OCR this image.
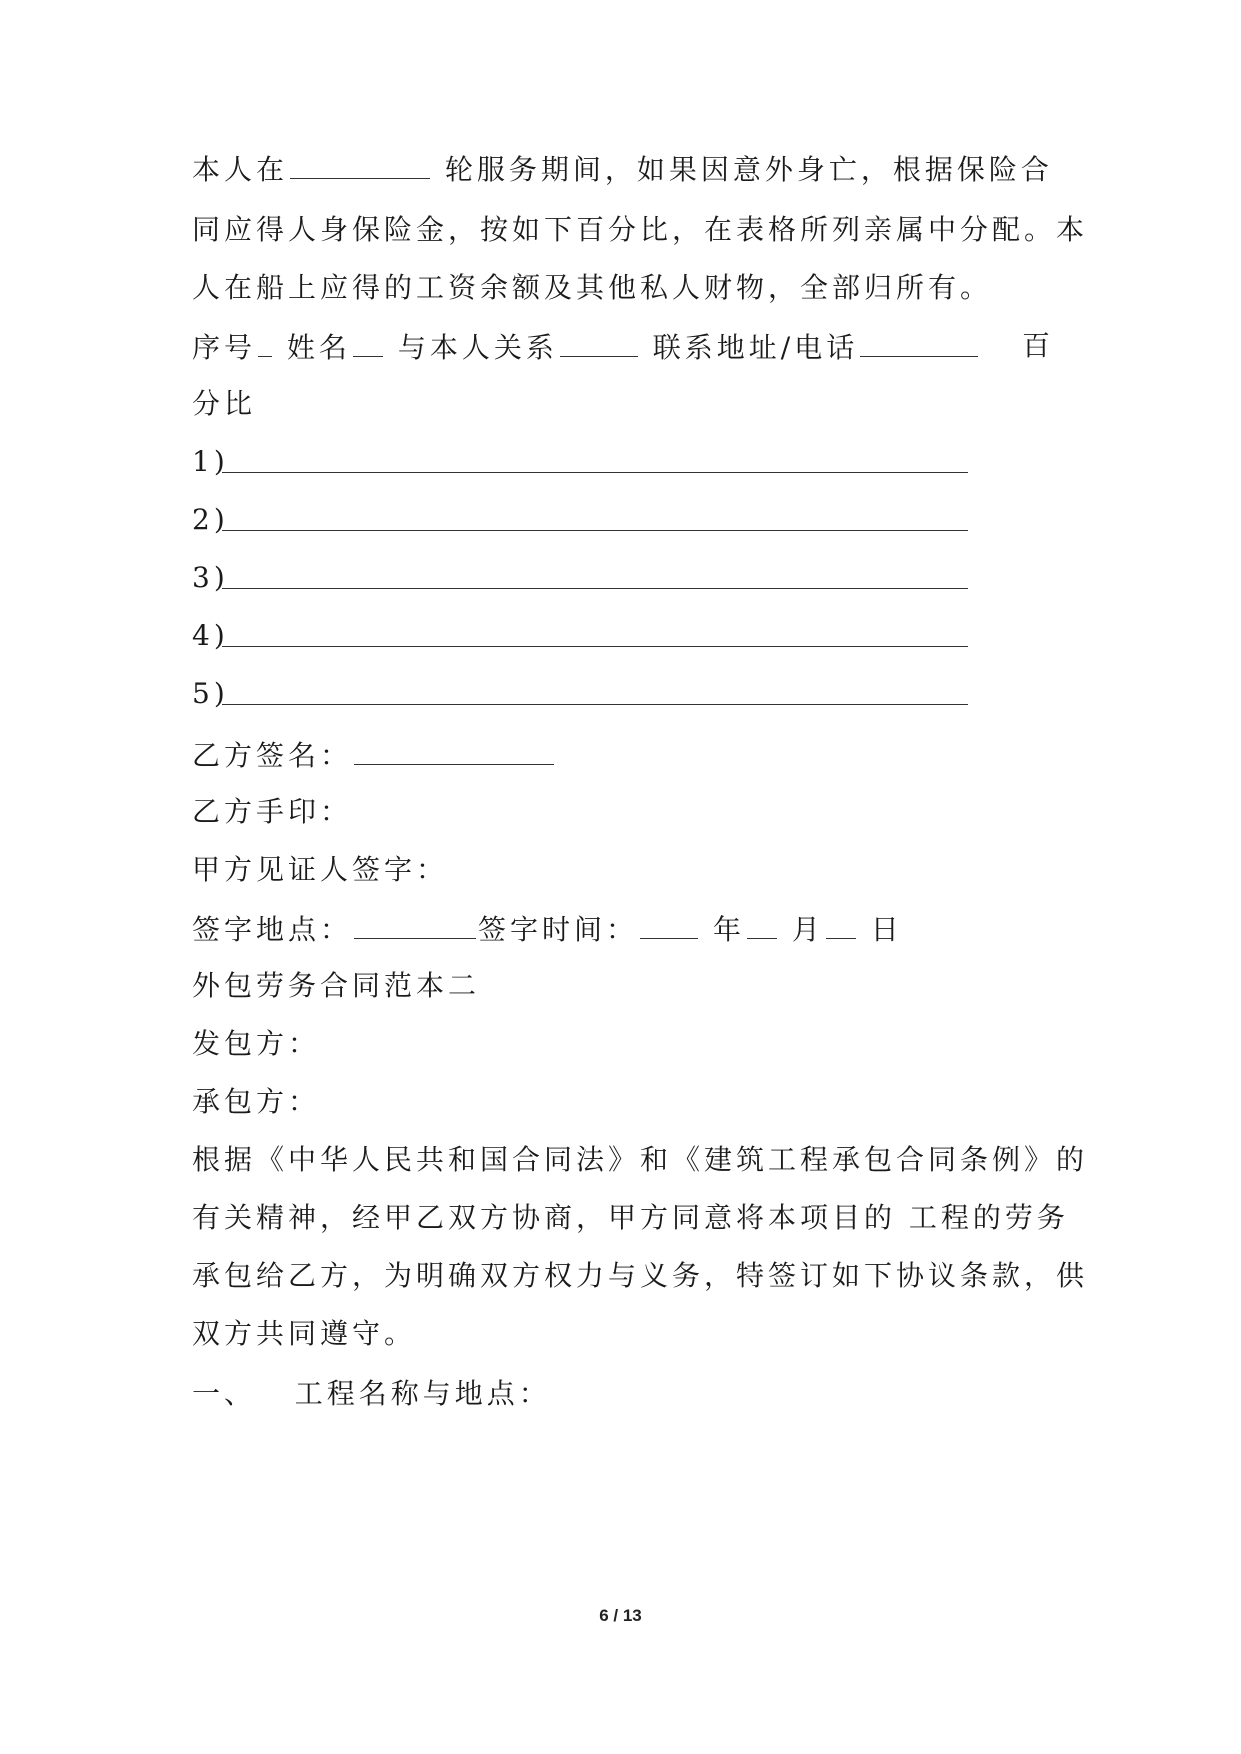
本人在	轮服务期间，如果因意外身亡，根据保险合
同应得人身保险金，按如下百分比，在表格所列亲属中分配。本
人在船上应得的工资余额及其他私人财物，全部归所有。
序号 姓名 与本人关系	联系地址/电话	百
分比
1)
2)
3)
4)
5)
乙方签名：
乙方手印：
甲方见证人签字：
签字地点：	签字时间：	年 月 日
外包劳务合同范本二
发包方：
承包方：
根据《中华人民共和国合同法》和《建筑工程承包合同条例》的
有关精神，经甲乙双方协商，甲方同意将本项目的 工程的劳务
承包给乙方，为明确双方权力与义务，特签订如下协议条款，供
双方共同遵守。
一、 工程名称与地点：
6 / 13
